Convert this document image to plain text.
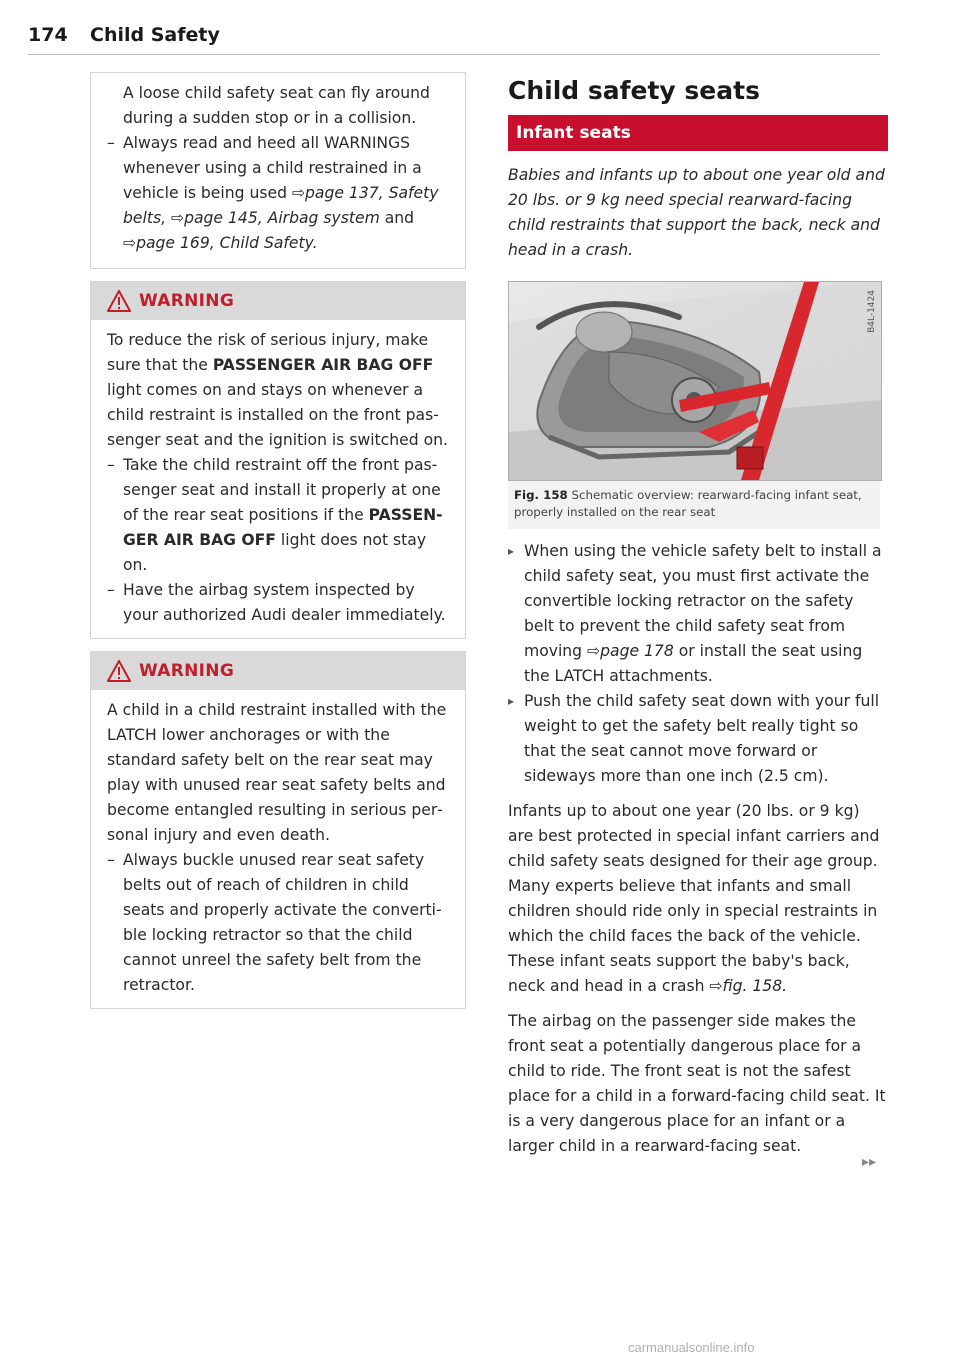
174 Child Safety

A loose child safety seat can fly around during a sudden stop or in a collision.

– Always read and heed all WARNINGS whenever using a child restrained in a vehicle is being used ⇨page 137, Safety belts, ⇨page 145, Airbag system and ⇨page 169, Child Safety.
WARNING

To reduce the risk of serious injury, make sure that the PASSENGER AIR BAG OFF light comes on and stays on whenever a child restraint is installed on the front passenger seat and the ignition is switched on.

– Take the child restraint off the front passenger seat and install it properly at one of the rear seat positions if the PASSENGER AIR BAG OFF light does not stay on.
– Have the airbag system inspected by your authorized Audi dealer immediately.
WARNING

A child in a child restraint installed with the LATCH lower anchorages or with the standard safety belt on the rear seat may play with unused rear seat safety belts and become entangled resulting in serious personal injury and even death.

– Always buckle unused rear seat safety belts out of reach of children in child seats and properly activate the convertible locking retractor so that the child cannot unreel the safety belt from the retractor.
Child safety seats
Infant seats

Babies and infants up to about one year old and 20 lbs. or 9 kg need special rearward-facing child restraints that support the back, neck and head in a crash.

B4L-1424
Fig. 158 Schematic overview: rearward-facing infant seat, properly installed on the rear seat
▸ When using the vehicle safety belt to install a child safety seat, you must first activate the convertible locking retractor on the safety belt to prevent the child safety seat from moving ⇨page 178 or install the seat using the LATCH attachments.
▸ Push the child safety seat down with your full weight to get the safety belt really tight so that the seat cannot move forward or sideways more than one inch (2.5 cm).

Infants up to about one year (20 lbs. or 9 kg) are best protected in special infant carriers and child safety seats designed for their age group. Many experts believe that infants and small children should ride only in special restraints in which the child faces the back of the vehicle. These infant seats support the baby's back, neck and head in a crash ⇨fig. 158.

The airbag on the passenger side makes the front seat a potentially dangerous place for a child to ride. The front seat is not the safest place for a child in a forward-facing child seat. It is a very dangerous place for an infant or a larger child in a rearward-facing seat.

▸▸
carmanualsonline.info
